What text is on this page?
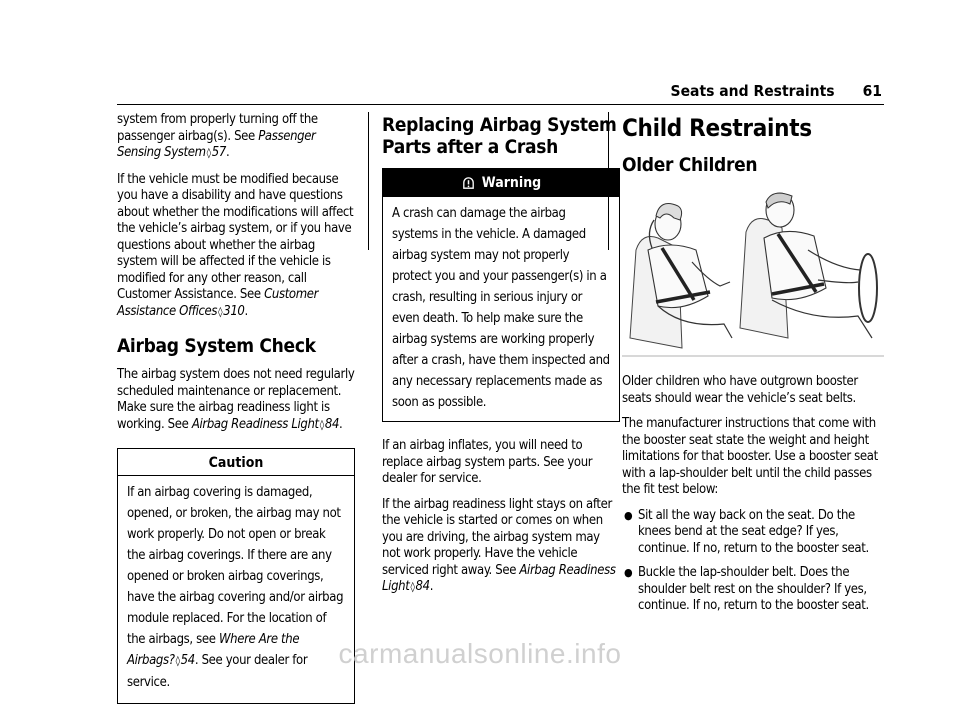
Seats and Restraints 61

system from properly turning off the passenger airbag(s). See Passenger Sensing System◊57.

If the vehicle must be modified because you have a disability and have questions about whether the modifications will affect the vehicle’s airbag system, or if you have questions about whether the airbag system will be affected if the vehicle is modified for any other reason, call Customer Assistance. See Customer Assistance Offices◊310.

Airbag System Check

The airbag system does not need regularly scheduled maintenance or replacement. Make sure the airbag readiness light is working. See Airbag Readiness Light◊84.

Caution
If an airbag covering is damaged, opened, or broken, the airbag may not work properly. Do not open or break the airbag coverings. If there are any opened or broken airbag coverings, have the airbag covering and/or airbag module replaced. For the location of the airbags, see Where Are the Airbags?◊54. See your dealer for service.
Replacing Airbag System Parts after a Crash
Warning
A crash can damage the airbag systems in the vehicle. A damaged airbag system may not properly protect you and your passenger(s) in a crash, resulting in serious injury or even death. To help make sure the airbag systems are working properly after a crash, have them inspected and any necessary replacements made as soon as possible.

If an airbag inflates, you will need to replace airbag system parts. See your dealer for service.

If the airbag readiness light stays on after the vehicle is started or comes on when you are driving, the airbag system may not work properly. Have the vehicle serviced right away. See Airbag Readiness Light◊84.

Child Restraints
Older Children

Older children who have outgrown booster seats should wear the vehicle’s seat belts.

The manufacturer instructions that come with the booster seat state the weight and height limitations for that booster. Use a booster seat with a lap-shoulder belt until the child passes the fit test below:

● Sit all the way back on the seat. Do the knees bend at the seat edge? If yes, continue. If no, return to the booster seat.
● Buckle the lap-shoulder belt. Does the shoulder belt rest on the shoulder? If yes, continue. If no, return to the booster seat.
carmanualsonline.info
